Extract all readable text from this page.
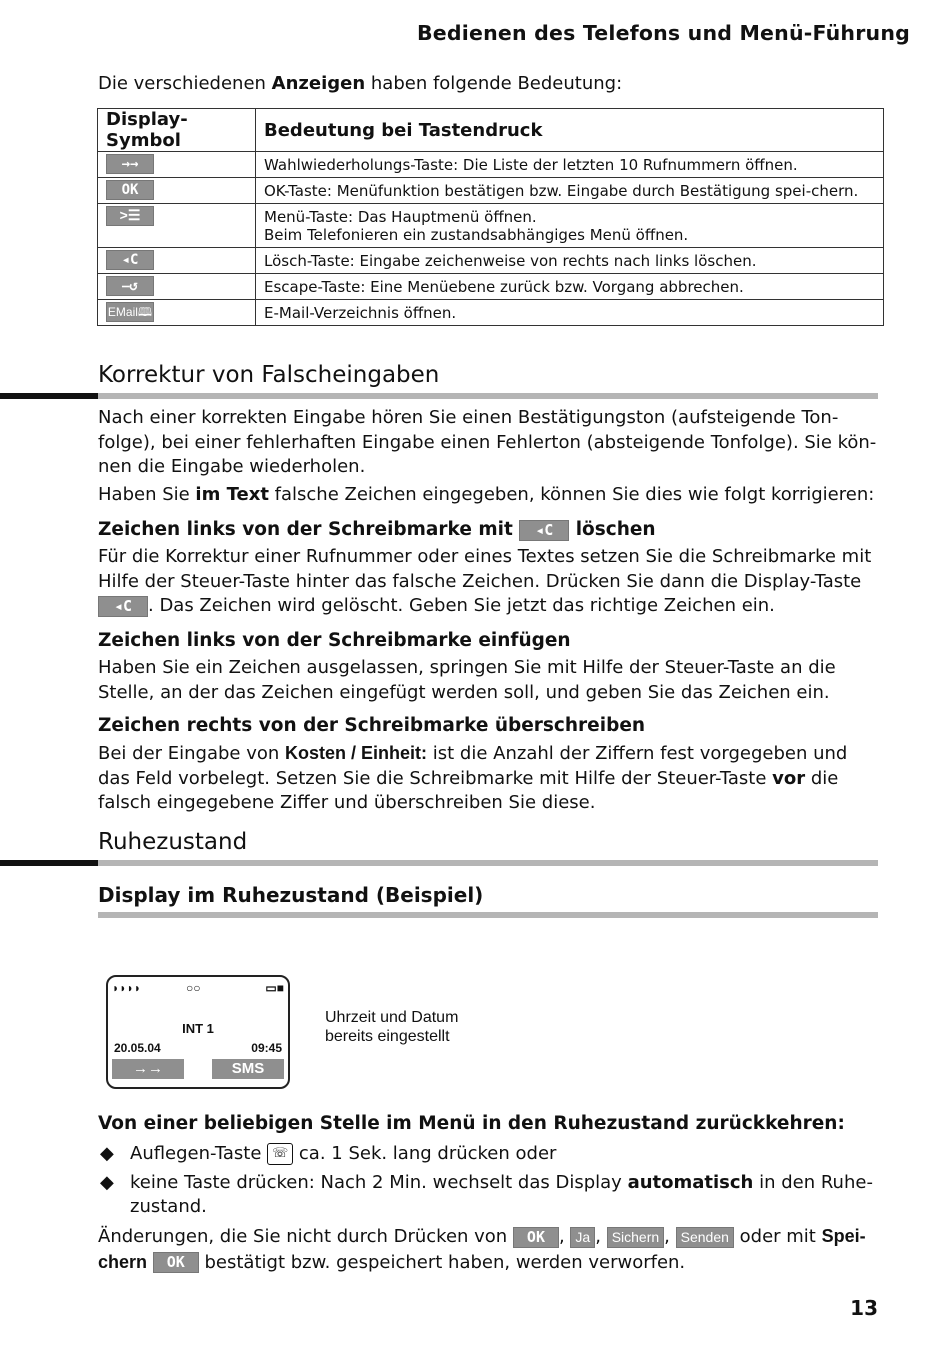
Bedienen des Telefons und Menü-Führung

Die verschiedenen Anzeigen haben folgende Bedeutung:

Display-Symbol	Bedeutung bei Tastendruck
→→	Wahlwiederholungs-Taste: Die Liste der letzten 10 Rufnummern öffnen.
OK	OK-Taste: Menüfunktion bestätigen bzw. Eingabe durch Bestätigung spei-chern.
˃☰	Menü-Taste: Das Hauptmenü öffnen.
Beim Telefonieren ein zustandsabhängiges Menü öffnen.
◂C	Lösch-Taste: Eingabe zeichenweise von rechts nach links löschen.
⎯↺	Escape-Taste: Eine Menüebene zurück bzw. Vorgang abbrechen.
EMail🕮	E-Mail-Verzeichnis öffnen.
Korrektur von Falscheingaben

Nach einer korrekten Eingabe hören Sie einen Bestätigungston (aufsteigende Ton-folge), bei einer fehlerhaften Eingabe einen Fehlerton (absteigende Tonfolge). Sie kön-nen die Eingabe wiederholen.

Haben Sie im Text falsche Zeichen eingegeben, können Sie dies wie folgt korrigieren:

Zeichen links von der Schreibmarke mit ◂C löschen

Für die Korrektur einer Rufnummer oder eines Textes setzen Sie die Schreibmarke mit Hilfe der Steuer-Taste hinter das falsche Zeichen. Drücken Sie dann die Display-Taste ◂C . Das Zeichen wird gelöscht. Geben Sie jetzt das richtige Zeichen ein.

Zeichen links von der Schreibmarke einfügen

Haben Sie ein Zeichen ausgelassen, springen Sie mit Hilfe der Steuer-Taste an die Stelle, an der das Zeichen eingefügt werden soll, und geben Sie das Zeichen ein.

Zeichen rechts von der Schreibmarke überschreiben

Bei der Eingabe von Kosten / Einheit: ist die Anzahl der Ziffern fest vorgegeben und das Feld vorbelegt. Setzen Sie die Schreibmarke mit Hilfe der Steuer-Taste vor die falsch eingegebene Ziffer und überschreiben Sie diese.

Ruhezustand
Display im Ruhezustand (Beispiel)
◗◗◗◗	○○	▭■
INT 1
20.05.04	09:45
→→	SMS
Uhrzeit und Datum
bereits eingestellt
Von einer beliebigen Stelle im Menü in den Ruhezustand zurückkehren:
◆ Auflegen-Taste ☏ ca. 1 Sek. lang drücken oder
◆ keine Taste drücken: Nach 2 Min. wechselt das Display automatisch in den Ruhe-zustand.

Änderungen, die Sie nicht durch Drücken von OK , Ja , Sichern , Senden oder mit Spei-chern OK bestätigt bzw. gespeichert haben, werden verworfen.

13
